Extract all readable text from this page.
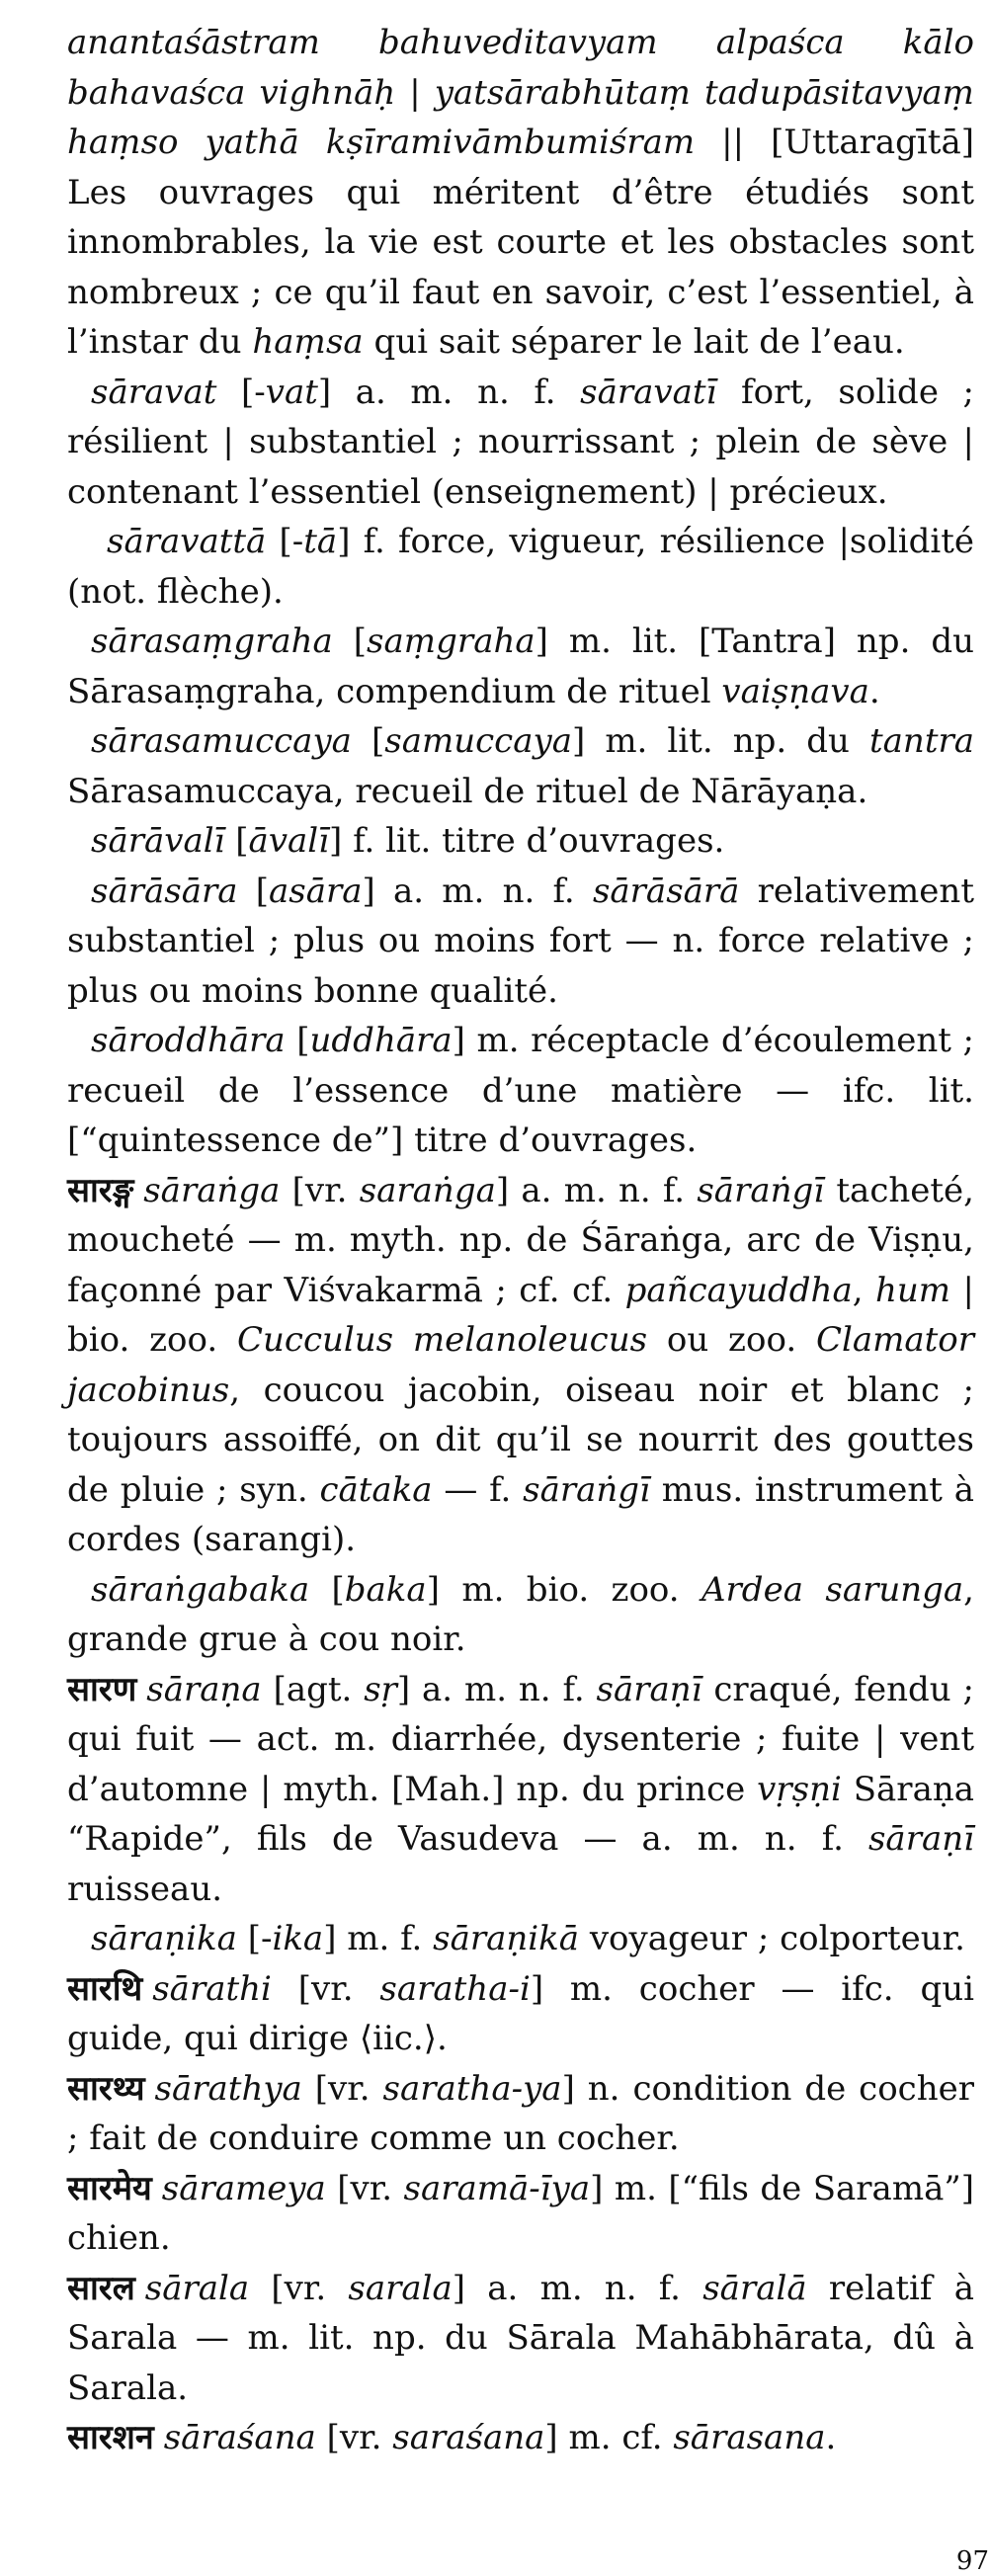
anantaśāstram bahuveditavyam alpaśca kālo bahavaśca vighnāḥ | yatsārabhūtaṃ tadupāsitavyaṃ haṃso yathā kṣīramivāmbumiśram || [Uttaragītā] Les ouvrages qui méritent d’être étudiés sont innombrables, la vie est courte et les obstacles sont nombreux ; ce qu’il faut en savoir, c’est l’essentiel, à l’instar du haṃsa qui sait séparer le lait de l’eau.

sāravat [-vat] a. m. n. f. sāravatī fort, solide ; résilient | substantiel ; nourrissant ; plein de sève | contenant l’essentiel (enseignement) | précieux.

sāravattā [-tā] f. force, vigueur, résilience |solidité (not. flèche).

sārasaṃgraha [saṃgraha] m. lit. [Tantra] np. du Sārasaṃgraha, compendium de rituel vaiṣṇava.

sārasamuccaya [samuccaya] m. lit. np. du tantra Sārasamuccaya, recueil de rituel de Nārāyaṇa.

sārāvalī [āvalī] f. lit. titre d’ouvrages.

sārāsāra [asāra] a. m. n. f. sārāsārā relativement substantiel ; plus ou moins fort — n. force relative ; plus ou moins bonne qualité.

sāroddhāra [uddhāra] m. réceptacle d’écoulement ; recueil de l’essence d’une matière — ifc. lit. [“quintessence de”] titre d’ouvrages.

सारङ्ग sāraṅga [vr. saraṅga] a. m. n. f. sāraṅgī tacheté, moucheté — m. myth. np. de Śāraṅga, arc de Viṣṇu, façonné par Viśvakarmā ; cf. cf. pañcayuddha, hum | bio. zoo. Cucculus melanoleucus ou zoo. Clamator jacobinus, coucou jacobin, oiseau noir et blanc ; toujours assoiffé, on dit qu’il se nourrit des gouttes de pluie ; syn. cātaka — f. sāraṅgī mus. instrument à cordes (sarangi).

sāraṅgabaka [baka] m. bio. zoo. Ardea sarunga, grande grue à cou noir.

सारण sāraṇa [agt. sṛ] a. m. n. f. sāraṇī craqué, fendu ; qui fuit — act. m. diarrhée, dysenterie ; fuite | vent d’automne | myth. [Mah.] np. du prince vṛṣṇi Sāraṇa “Rapide”, fils de Vasudeva — a. m. n. f. sāraṇī ruisseau.

sāraṇika [-ika] m. f. sāraṇikā voyageur ; colporteur.

सारथि sārathi [vr. saratha-i] m. cocher — ifc. qui guide, qui dirige ⟨iic.⟩.

सारथ्य sārathya [vr. saratha-ya] n. condition de cocher ; fait de conduire comme un cocher.

सारमेय sārameya [vr. saramā-īya] m. [“fils de Saramā”] chien.

सारल sārala [vr. sarala] a. m. n. f. sāralā relatif à Sarala — m. lit. np. du Sārala Mahābhārata, dû à Sarala.

सारशन sāraśana [vr. saraśana] m. cf. sārasana.

97
